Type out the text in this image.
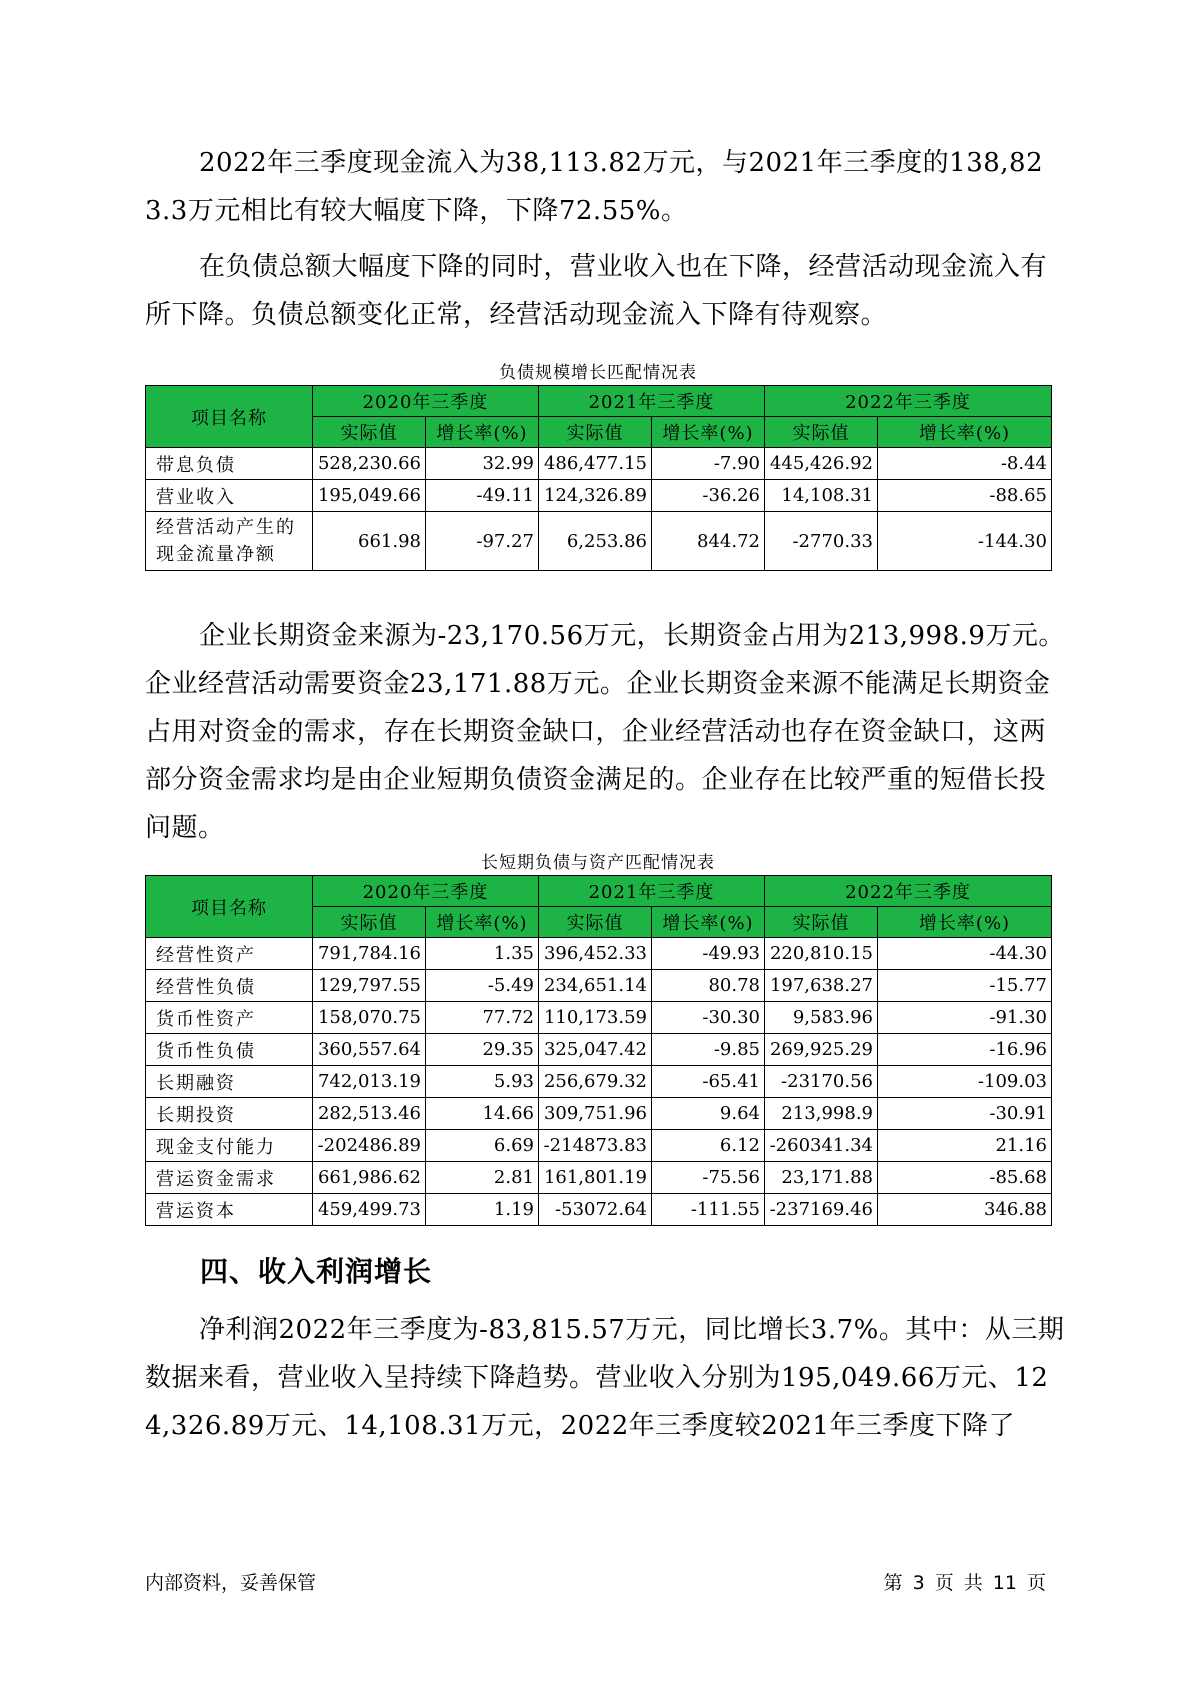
2022年三季度现金流入为38,113.82万元，与2021年三季度的138,823.3万元相比有较大幅度下降，下降72.55%。

在负债总额大幅度下降的同时，营业收入也在下降，经营活动现金流入有所下降。负债总额变化正常，经营活动现金流入下降有待观察。

负债规模增长匹配情况表
项目名称	2020年三季度		2021年三季度		2022年三季度	
	实际值	增长率(%)	实际值	增长率(%)	实际值	增长率(%)
带息负债	528,230.66	32.99	486,477.15	-7.90	445,426.92	-8.44
营业收入	195,049.66	-49.11	124,326.89	-36.26	14,108.31	-88.65
经营活动产生的现金流量净额	661.98	-97.27	6,253.86	844.72	-2770.33	-144.30

企业长期资金来源为-23,170.56万元，长期资金占用为213,998.9万元。企业经营活动需要资金23,171.88万元。企业长期资金来源不能满足长期资金占用对资金的需求，存在长期资金缺口，企业经营活动也存在资金缺口，这两部分资金需求均是由企业短期负债资金满足的。企业存在比较严重的短借长投问题。

长短期负债与资产匹配情况表
项目名称	2020年三季度		2021年三季度		2022年三季度	
	实际值	增长率(%)	实际值	增长率(%)	实际值	增长率(%)
经营性资产	791,784.16	1.35	396,452.33	-49.93	220,810.15	-44.30
经营性负债	129,797.55	-5.49	234,651.14	80.78	197,638.27	-15.77
货币性资产	158,070.75	77.72	110,173.59	-30.30	9,583.96	-91.30
货币性负债	360,557.64	29.35	325,047.42	-9.85	269,925.29	-16.96
长期融资	742,013.19	5.93	256,679.32	-65.41	-23170.56	-109.03
长期投资	282,513.46	14.66	309,751.96	9.64	213,998.9	-30.91
现金支付能力	-202486.89	6.69	-214873.83	6.12	-260341.34	21.16
营运资金需求	661,986.62	2.81	161,801.19	-75.56	23,171.88	-85.68
营运资本	459,499.73	1.19	-53072.64	-111.55	-237169.46	346.88
四、收入利润增长

净利润2022年三季度为-83,815.57万元，同比增长3.7%。其中：从三期数据来看，营业收入呈持续下降趋势。营业收入分别为195,049.66万元、124,326.89万元、14,108.31万元，2022年三季度较2021年三季度下降了

内部资料，妥善保管	第 3 页 共 11 页
